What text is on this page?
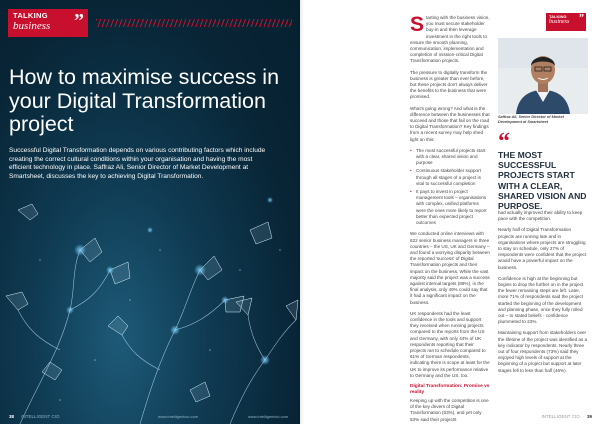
TALKING
business	”
How to maximise success in your Digital Transformation project

Successful Digital Transformation depends on various contributing factors which include creating the correct cultural conditions within your organisation and having the most efficient technology in place. Saffraz Ali, Senior Director of Market Development at Smartsheet, discusses the key to achieving Digital Transformation.

38 INTELLIGENT CIO	www.intelligentcio.com	www.intelligentcio.com

Starting with the business vision, you must secure stakeholder buy-in and then leverage investment in the right tools to ensure the smooth planning, communication, implementation and completion of mission-critical Digital Transformation projects.

The pressure to digitally transform the business is greater than ever before, but these projects don't always deliver the benefits to the business that were promised.

What's going wrong? And what is the difference between the businesses that succeed and those that fail on the road to Digital Transformation? Key findings from a recent survey may help shed light on this:

• The most successful projects start with a clear, shared vision and purpose
• Continuous stakeholder support through all stages of a project is vital to successful completion
• It pays to invest in project management tools – organisations with complex, unified platforms were the ones more likely to report better than expected project outcomes

We conducted online interviews with 622 senior business managers in three countries – the US, UK and Germany – and found a worrying disparity between the reported 'success' of Digital Transformation projects and their impact on the business. While the vast majority said the project was a success against internal targets (86%), in the final analysis, only 49% could say that it had a significant impact on the business.

UK respondents had the least confidence in the tools and support they received when running projects compared to the reports from the US and Germany, with only 44% of UK respondents reporting that their projects ran to schedule compared to 61% of German respondents, indicating there is scope at least for the UK to improve its performance relative to Germany and the US, too.

Digital Transformation: Promise vs reality

Keeping up with the competition is one of the key drivers of Digital Transformation (63%), and yet only 53% said their projects

TALKING
business ”
Saffraz Ali, Senior Director of Market
Development at Smartsheet
“
THE MOST SUCCESSFUL PROJECTS START WITH A CLEAR, SHARED VISION AND PURPOSE.

had actually improved their ability to keep pace with the competition.

Nearly half of Digital Transformation projects are running late and in organisations where projects are struggling to stay on schedule, only 27% of respondents were confident that the project would have a powerful impact on the business.

Confidence is high at the beginning but begins to drop the further on in the project the fewer remaining steps are left. Later, more 71% of respondents said the project started the beginning of the development and planning phase, once they fully rolled out – to stated beliefs - confidence plummeted to 23%.

Maintaining support from stakeholders over the lifetime of the project was identified as a key indicator by respondents. Nearly three out of four respondents (73%) said they enjoyed high levels of support at the beginning of a project but support at later stages fell to less than half (46%).

INTELLIGENT CIO 39
